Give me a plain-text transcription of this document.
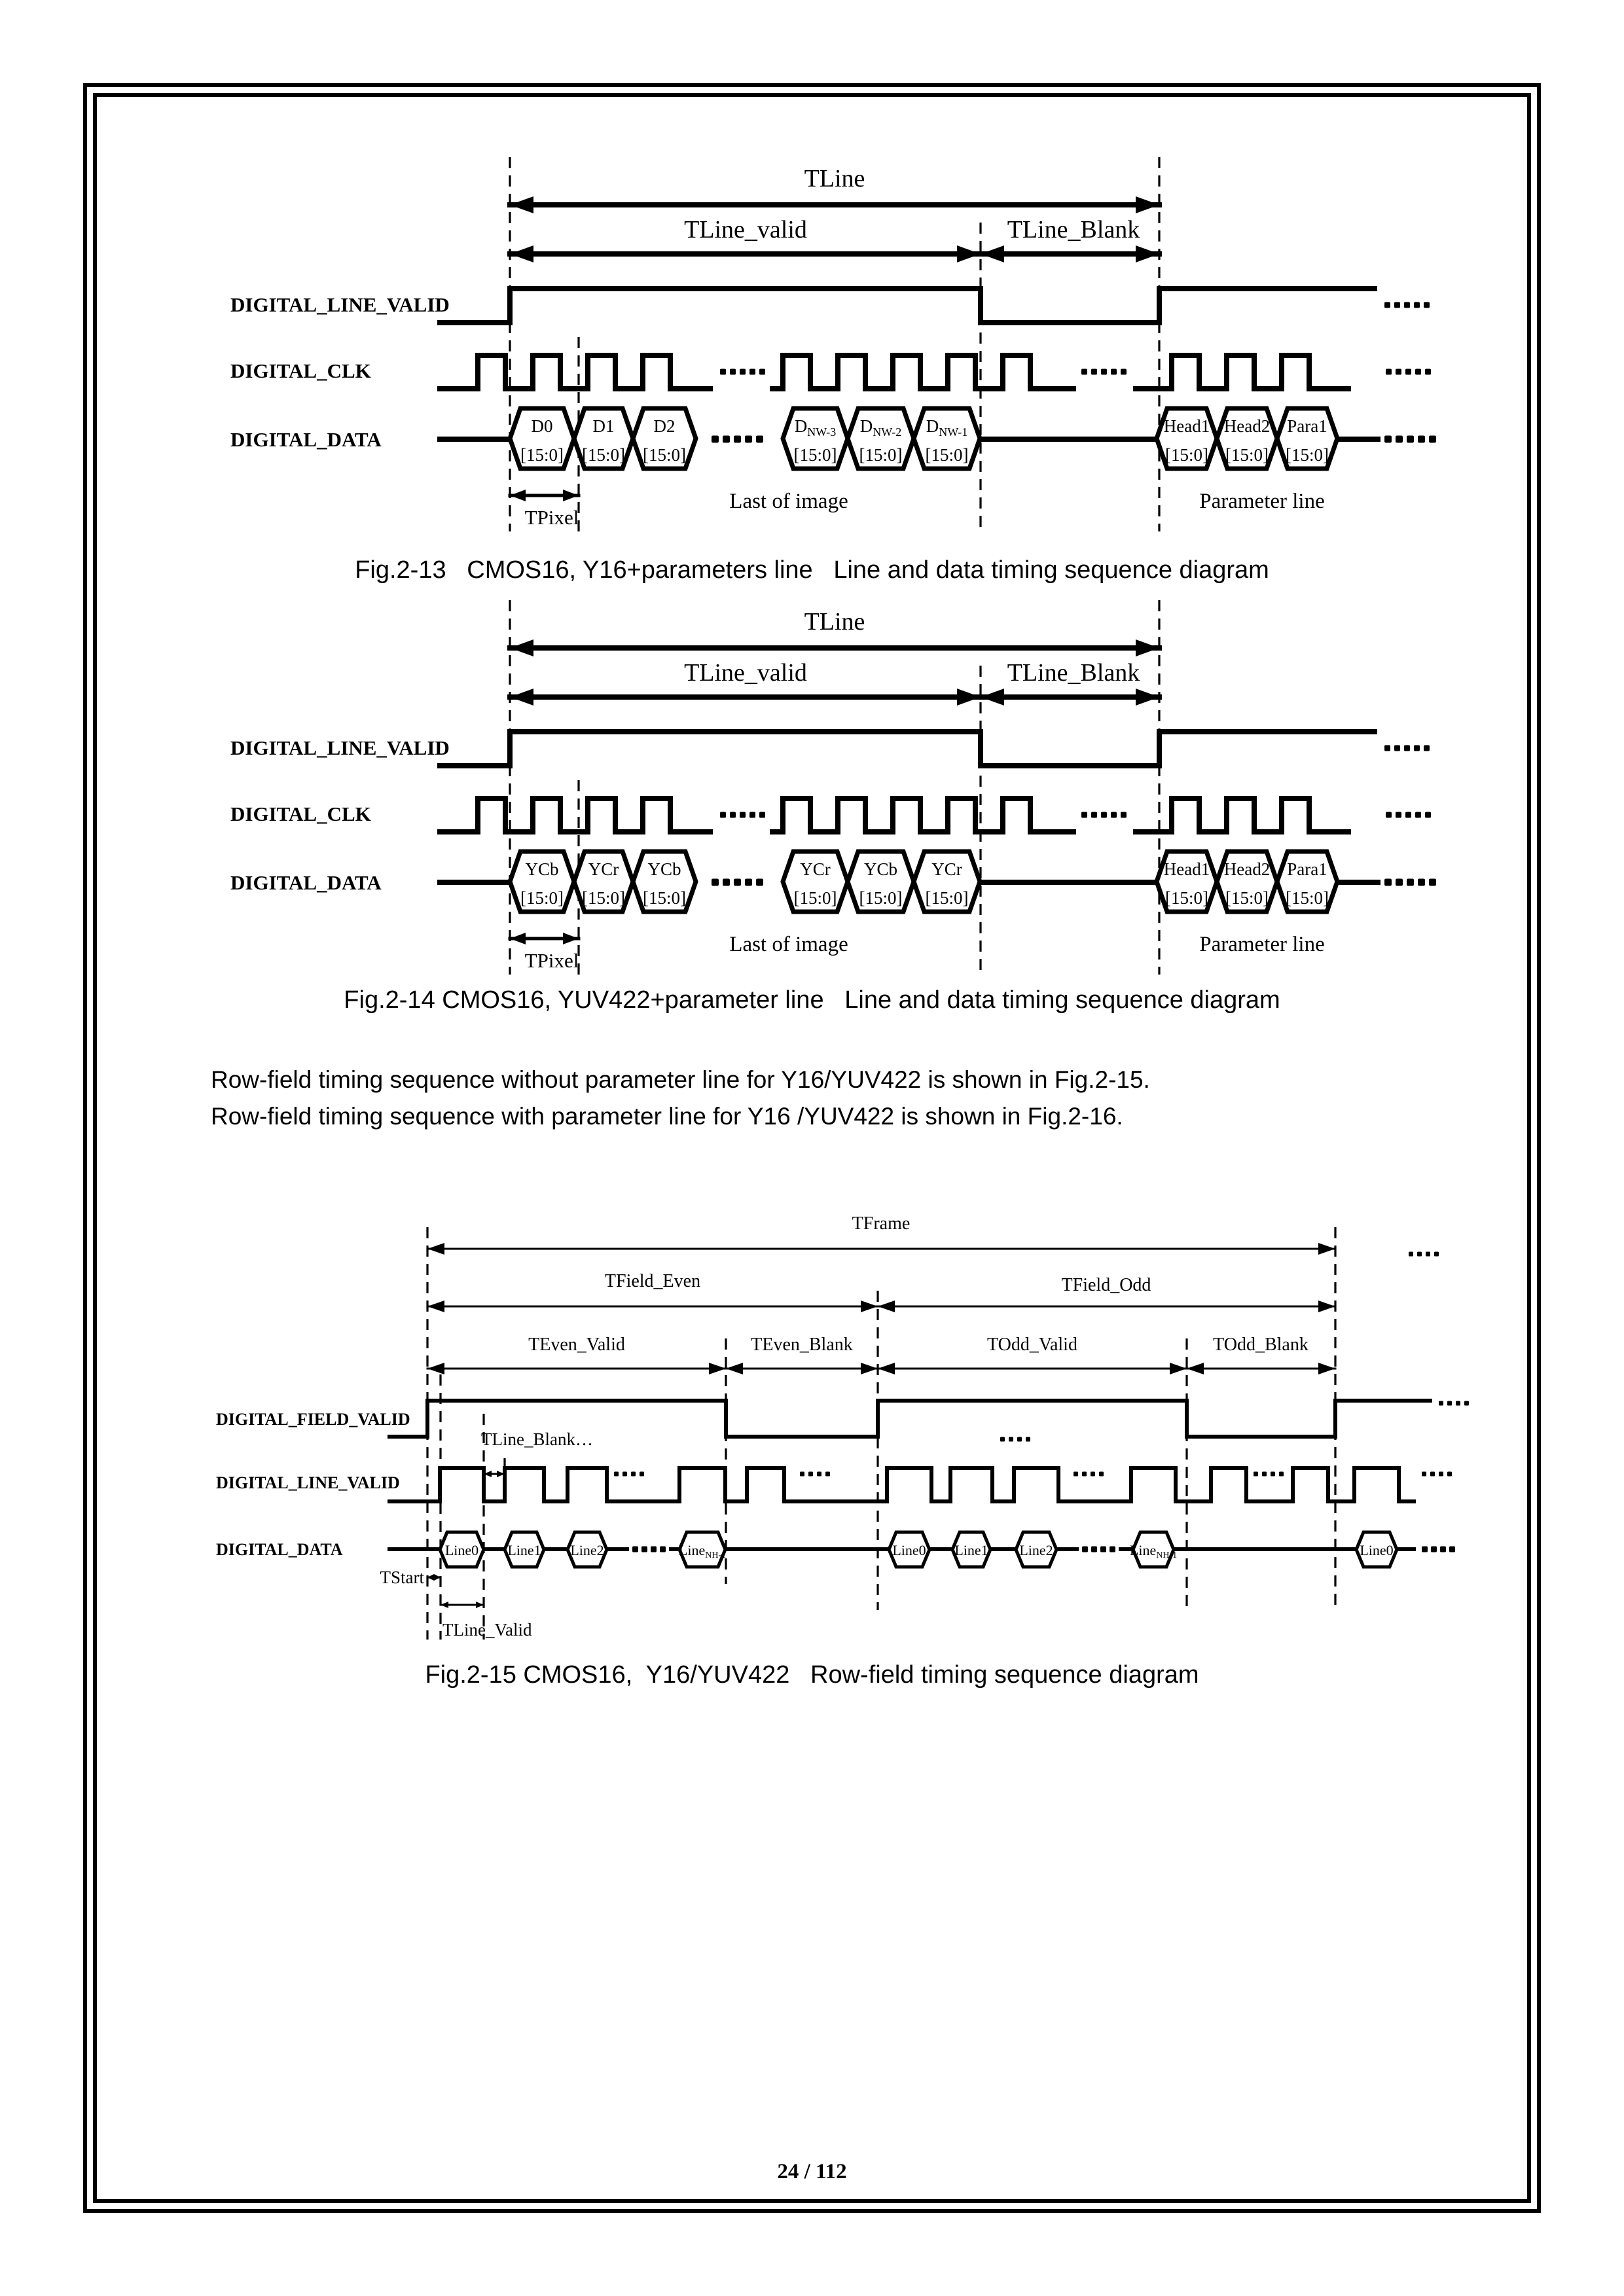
TLine
TLine_valid	TLine_Blank
DIGITAL_LINE_VALID
DIGITAL_CLK
DIGITAL_DATA
D0
[15:0]
D1
[15:0]
D2
[15:0]
$D_{NW-3}$
[15:0]
$D_{NW-2}$
[15:0]
$D_{NW-1}$
[15:0]
Head1
[15:0]
Head2
[15:0]
Para1
[15:0]
TPixel
Last of image	Parameter line
TLine
TLine_valid	TLine_Blank
DIGITAL_LINE_VALID
DIGITAL_CLK
DIGITAL_DATA
YCb
[15:0]
YCr
[15:0]
YCb
[15:0]
YCr
[15:0]
YCb
[15:0]
YCr
[15:0]
Head1
[15:0]
Head2
[15:0]
Para1
[15:0]
TPixel
Last of image	Parameter line
TFrame
TField_Even	TField_Odd
TEven_Valid	TEven_Blank	TOdd_Valid	TOdd_Blank
DIGITAL_FIELD_VALID
DIGITAL_LINE_VALID
DIGITAL_DATA
TLine_Blank…
Line0 Line1 Line2	LineNH-1	Line0 Line1 Line2	LineNH-1	Line0
TStart
TLine_Valid
Fig.2-13   CMOS16, Y16+parameters line   Line and data timing sequence diagram
Fig.2-14 CMOS16, YUV422+parameter line   Line and data timing sequence diagram
Row-field timing sequence without parameter line for Y16/YUV422 is shown in Fig.2-15.
Row-field timing sequence with parameter line for Y16 /YUV422 is shown in Fig.2-16.
Fig.2-15 CMOS16,  Y16/YUV422   Row-field timing sequence diagram
24 / 112
